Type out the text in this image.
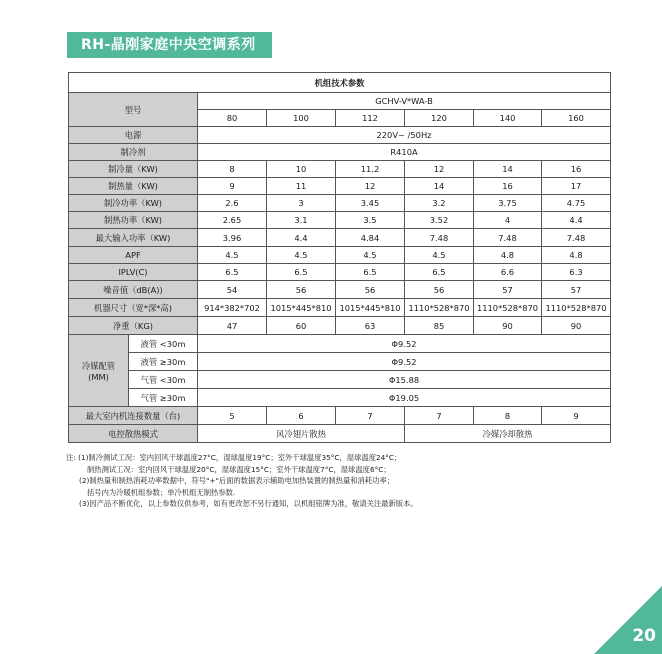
RH-晶刚家庭中央空调系列
机组技术参数							
型号		GCHV-V*WA-B					
		80	100	112	120	140	160
电源		220V~ /50Hz					
制冷剂		R410A					
制冷量（KW)		8	10	11.2	12	14	16
制热量（KW)		9	11	12	14	16	17
制冷功率（KW)		2.6	3	3.45	3.2	3.75	4.75
制热功率（KW)		2.65	3.1	3.5	3.52	4	4.4
最大输入功率（KW)		3.96	4.4	4.84	7.48	7.48	7.48
APF		4.5	4.5	4.5	4.5	4.8	4.8
IPLV(C)		6.5	6.5	6.5	6.5	6.6	6.3
噪音值（dB(A))		54	56	56	56	57	57
机器尺寸（宽*深*高)		914*382*702	1015*445*810	1015*445*810	1110*528*870	1110*528*870	1110*528*870
净重（KG)		47	60	63	85	90	90

冷媒配管
(MM)	液管 <30m	Φ9.52					
	液管 ≥30m	Φ9.52					
	气管 <30m	Φ15.88					
	气管 ≥30m	Φ19.05					
最大室内机连接数量（台)		5	6	7	7	8	9
电控散热模式		风冷翅片散热			冷媒冷却散热		
注: (1)制冷测试工况：室内回风干球温度27°C，湿球温度19°C；室外干球温度35°C，湿球温度24°C；
制热测试工况：室内回风干球温度20°C，湿球温度15°C；室外干球温度7°C，湿球温度6°C；
(2)制热量和制热消耗功率数据中，符号"+"后面的数据表示辅助电加热装置的制热量和消耗功率；
括号内为冷暖机组参数；单冷机组无制热参数.
(3)因产品不断优化，以上参数仅供参考，如有更改恕不另行通知，以机组铭牌为准，敬请关注最新版本。
20
